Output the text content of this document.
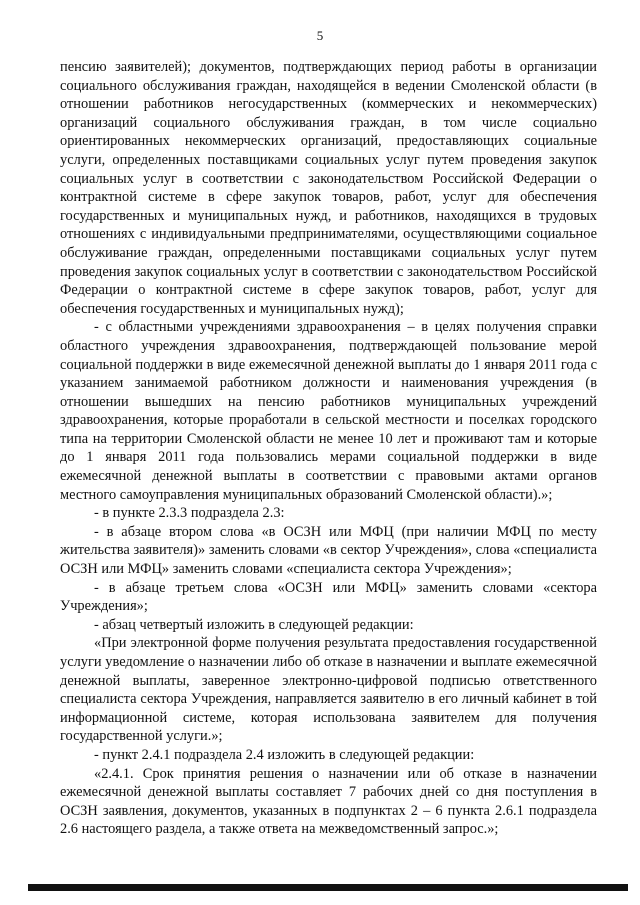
5

пенсию заявителей); документов, подтверждающих период работы в организации социального обслуживания граждан, находящейся в ведении Смоленской области (в отношении работников негосударственных (коммерческих и некоммерческих) организаций социального обслуживания граждан, в том числе социально ориентированных некоммерческих организаций, предоставляющих социальные услуги, определенных поставщиками социальных услуг путем проведения закупок социальных услуг в соответствии с законодательством Российской Федерации о контрактной системе в сфере закупок товаров, работ, услуг для обеспечения государственных и муниципальных нужд, и работников, находящихся в трудовых отношениях с индивидуальными предпринимателями, осуществляющими социальное обслуживание граждан, определенными поставщиками социальных услуг путем проведения закупок социальных услуг в соответствии с законодательством Российской Федерации о контрактной системе в сфере закупок товаров, работ, услуг для обеспечения государственных и муниципальных нужд);

- с областными учреждениями здравоохранения – в целях получения справки областного учреждения здравоохранения, подтверждающей пользование мерой социальной поддержки в виде ежемесячной денежной выплаты до 1 января 2011 года с указанием занимаемой работником должности и наименования учреждения (в отношении вышедших на пенсию работников муниципальных учреждений здравоохранения, которые проработали в сельской местности и поселках городского типа на территории Смоленской области не менее 10 лет и проживают там и которые до 1 января 2011 года пользовались мерами социальной поддержки в виде ежемесячной денежной выплаты в соответствии с правовыми актами органов местного самоуправления муниципальных образований Смоленской области).»;

- в пункте 2.3.3 подраздела 2.3:

- в абзаце втором слова «в ОСЗН или МФЦ (при наличии МФЦ по месту жительства заявителя)» заменить словами «в сектор Учреждения», слова «специалиста ОСЗН или МФЦ» заменить словами «специалиста сектора Учреждения»;

- в абзаце третьем слова «ОСЗН или МФЦ» заменить словами «сектора Учреждения»;

- абзац четвертый изложить в следующей редакции:

«При электронной форме получения результата предоставления государственной услуги уведомление о назначении либо об отказе в назначении и выплате ежемесячной денежной выплаты, заверенное электронно-цифровой подписью ответственного специалиста сектора Учреждения, направляется заявителю в его личный кабинет в той информационной системе, которая использована заявителем для получения государственной услуги.»;

- пункт 2.4.1 подраздела 2.4 изложить в следующей редакции:

«2.4.1. Срок принятия решения о назначении или об отказе в назначении ежемесячной денежной выплаты составляет 7 рабочих дней со дня поступления в ОСЗН заявления, документов, указанных в подпунктах 2 – 6 пункта 2.6.1 подраздела 2.6 настоящего раздела, а также ответа на межведомственный запрос.»;
